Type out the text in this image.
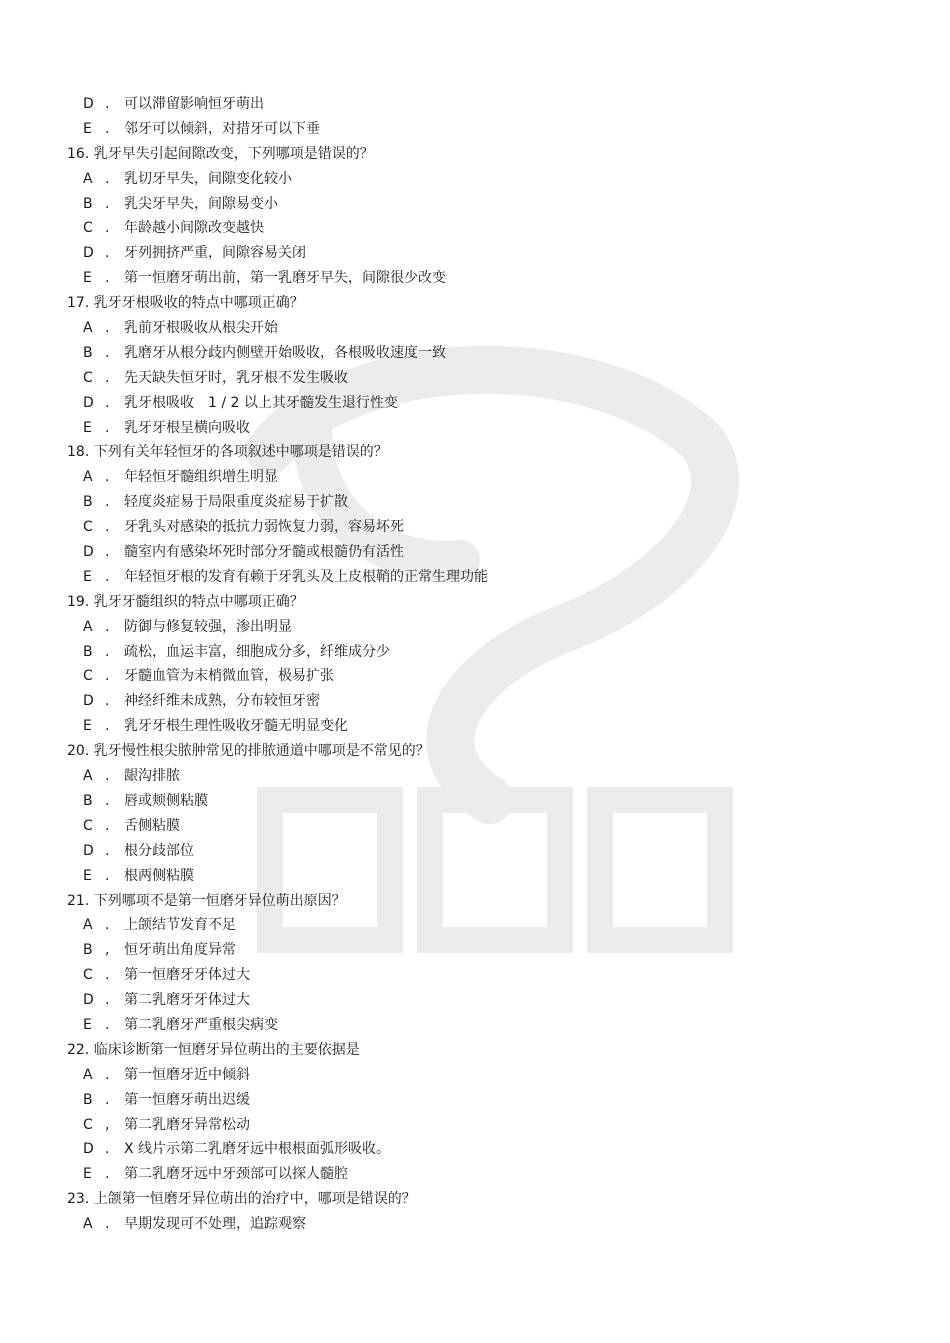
D . 可以滞留影响恒牙萌出
E . 邻牙可以倾斜，对措牙可以下垂
16. 乳牙早失引起间隙改变，下列哪项是错误的？
A . 乳切牙早失，间隙变化较小
B . 乳尖牙早失，间隙易变小
C . 年龄越小间隙改变越快
D . 牙列拥挤严重，间隙容易关闭
E . 第一恒磨牙萌出前，第一乳磨牙早失，间隙很少改变
17. 乳牙牙根吸收的特点中哪项正确？
A . 乳前牙根吸收从根尖开始
B . 乳磨牙从根分歧内侧壁开始吸收，各根吸收速度一致
C . 先天缺失恒牙时，乳牙根不发生吸收
D . 乳牙根吸收　1 / 2 以上其牙髓发生退行性变
E . 乳牙牙根呈横向吸收
18. 下列有关年轻恒牙的各项叙述中哪项是错误的？
A . 年轻恒牙髓组织增生明显
B . 轻度炎症易于局限重度炎症易于扩散
C . 牙乳头对感染的抵抗力弱恢复力弱，容易坏死
D . 髓室内有感染坏死时部分牙髓或根髓仍有活性
E . 年轻恒牙根的发育有赖于牙乳头及上皮根鞘的正常生理功能
19. 乳牙牙髓组织的特点中哪项正确？
A . 防御与修复较强，渗出明显
B . 疏松，血运丰富，细胞成分多，纤维成分少
C . 牙髓血管为末梢微血管，极易扩张
D . 神经纤维未成熟，分布较恒牙密
E . 乳牙牙根生理性吸收牙髓无明显变化
20. 乳牙慢性根尖脓肿常见的排脓通道中哪项是不常见的？
A . 龈沟排脓
B . 唇或颊侧粘膜
C . 舌侧粘膜
D . 根分歧部位
E . 根两侧粘膜
21. 下列哪项不是第一恒磨牙异位萌出原因？
A . 上颌结节发育不足
B , 恒牙萌出角度异常
C . 第一恒磨牙牙体过大
D . 第二乳磨牙牙体过大
E . 第二乳磨牙严重根尖病变
22. 临床诊断第一恒磨牙异位萌出的主要依据是
A . 第一恒磨牙近中倾斜
B . 第一恒磨牙萌出迟缓
C , 第二乳磨牙异常松动
D . X 线片示第二乳磨牙远中根根面弧形吸收。
E . 第二乳磨牙远中牙颈部可以探人髓腔
23. 上颌第一恒磨牙异位萌出的治疗中，哪项是错误的？
A . 早期发现可不处理，追踪观察
